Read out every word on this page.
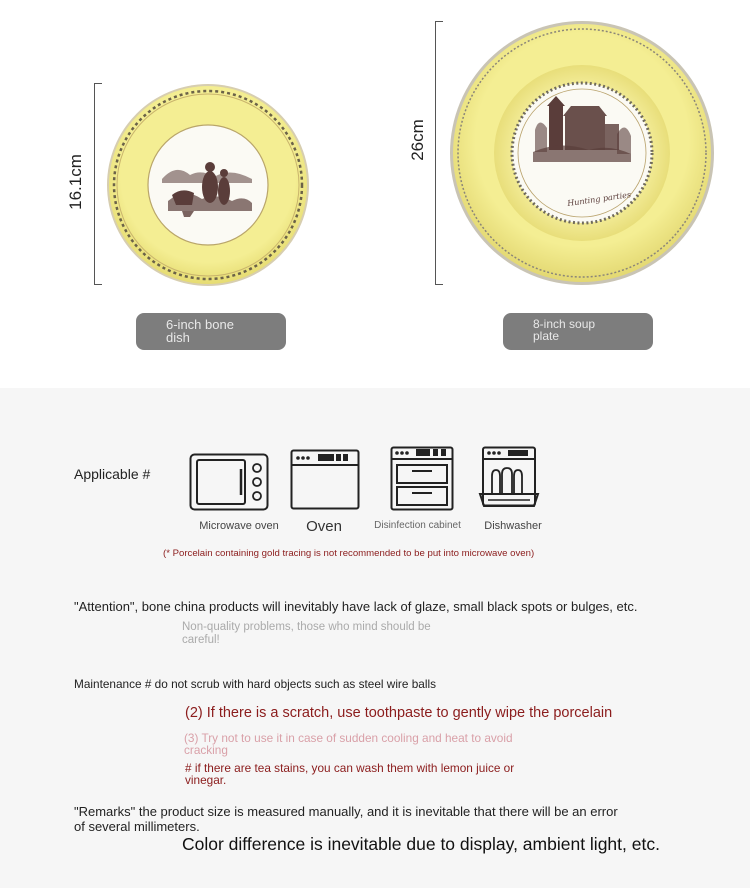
16.1cm
6-inch bone
dish
26cm
Hunting parties
8-inch soup
plate
Applicable #
Microwave oven	Oven	Disinfection cabinet	Dishwasher
(* Porcelain containing gold tracing is not recommended to be put into microwave oven)
"Attention", bone china products will inevitably have lack of glaze, small black spots or bulges, etc.
Non-quality problems, those who mind should be
careful!
Maintenance # do not scrub with hard objects such as steel wire balls
(2) If there is a scratch, use toothpaste to gently wipe the porcelain
(3) Try not to use it in case of sudden cooling and heat to avoid
cracking
# if there are tea stains, you can wash them with lemon juice or
vinegar.
"Remarks" the product size is measured manually, and it is inevitable that there will be an error
of several millimeters.
Color difference is inevitable due to display, ambient light, etc.
